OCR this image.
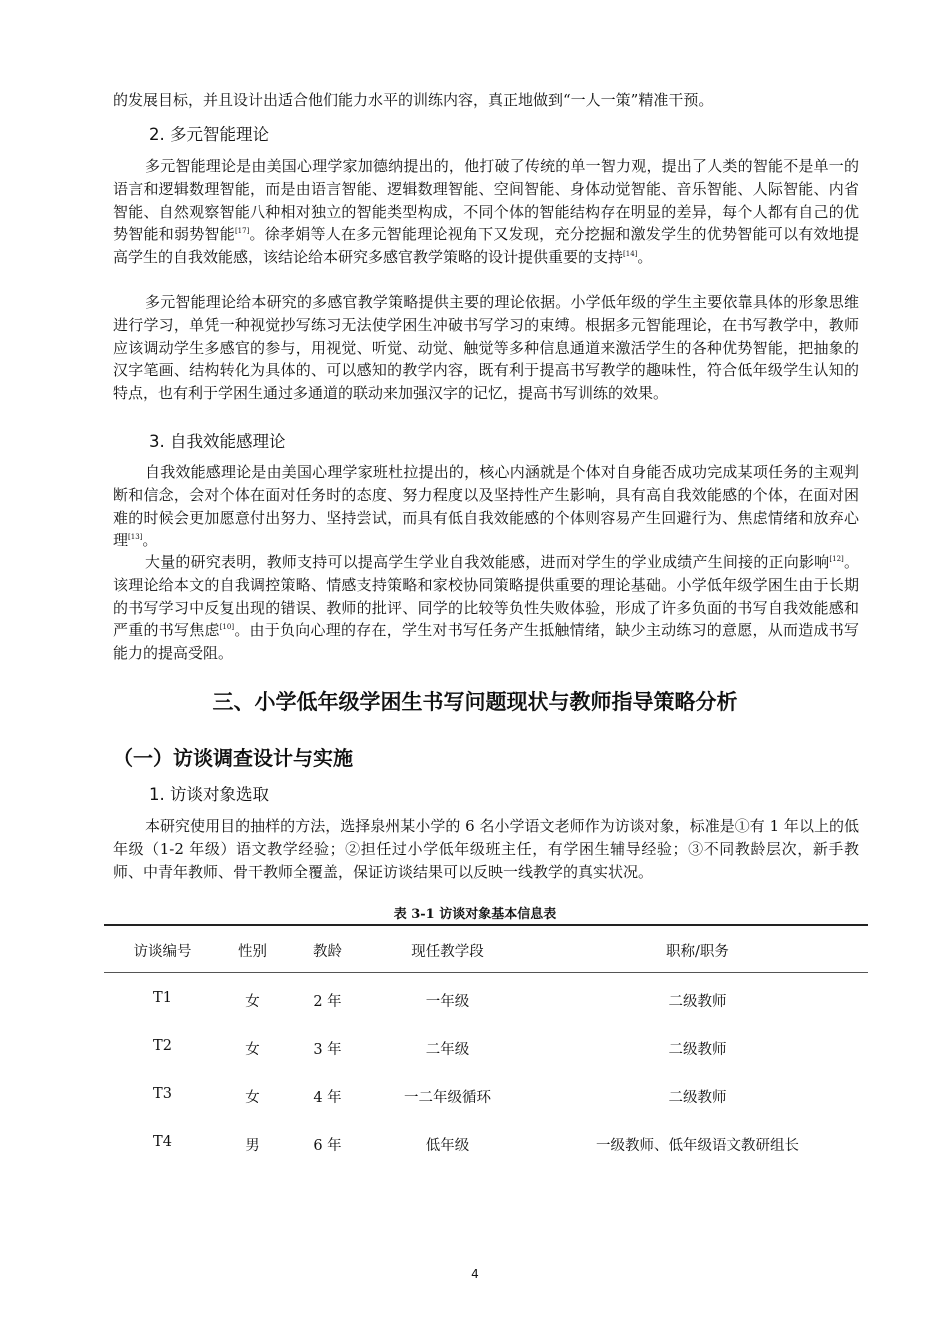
的发展目标，并且设计出适合他们能力水平的训练内容，真正地做到“一人一策”精准干预。

2. 多元智能理论

多元智能理论是由美国心理学家加德纳提出的，他打破了传统的单一智力观，提出了人类的智能不是单一的语言和逻辑数理智能，而是由语言智能、逻辑数理智能、空间智能、身体动觉智能、音乐智能、人际智能、内省智能、自然观察智能八种相对独立的智能类型构成，不同个体的智能结构存在明显的差异，每个人都有自己的优势智能和弱势智能[17]。徐孝娟等人在多元智能理论视角下又发现，充分挖掘和激发学生的优势智能可以有效地提高学生的自我效能感，该结论给本研究多感官教学策略的设计提供重要的支持[14]。

多元智能理论给本研究的多感官教学策略提供主要的理论依据。小学低年级的学生主要依靠具体的形象思维进行学习，单凭一种视觉抄写练习无法使学困生冲破书写学习的束缚。根据多元智能理论，在书写教学中，教师应该调动学生多感官的参与，用视觉、听觉、动觉、触觉等多种信息通道来激活学生的各种优势智能，把抽象的汉字笔画、结构转化为具体的、可以感知的教学内容，既有利于提高书写教学的趣味性，符合低年级学生认知的特点，也有利于学困生通过多通道的联动来加强汉字的记忆，提高书写训练的效果。

3. 自我效能感理论

自我效能感理论是由美国心理学家班杜拉提出的，核心内涵就是个体对自身能否成功完成某项任务的主观判断和信念，会对个体在面对任务时的态度、努力程度以及坚持性产生影响，具有高自我效能感的个体，在面对困难的时候会更加愿意付出努力、坚持尝试，而具有低自我效能感的个体则容易产生回避行为、焦虑情绪和放弃心理[13]。

大量的研究表明，教师支持可以提高学生学业自我效能感，进而对学生的学业成绩产生间接的正向影响[12]。该理论给本文的自我调控策略、情感支持策略和家校协同策略提供重要的理论基础。小学低年级学困生由于长期的书写学习中反复出现的错误、教师的批评、同学的比较等负性失败体验，形成了许多负面的书写自我效能感和严重的书写焦虑[10]。由于负向心理的存在，学生对书写任务产生抵触情绪，缺少主动练习的意愿，从而造成书写能力的提高受阻。

三、小学低年级学困生书写问题现状与教师指导策略分析
（一）访谈调查设计与实施

1. 访谈对象选取

本研究使用目的抽样的方法，选择泉州某小学的 6 名小学语文老师作为访谈对象，标准是①有 1 年以上的低年级（1-2 年级）语文教学经验；②担任过小学低年级班主任，有学困生辅导经验；③不同教龄层次，新手教师、中青年教师、骨干教师全覆盖，保证访谈结果可以反映一线教学的真实状况。

表 3-1 访谈对象基本信息表
访谈编号	性别	教龄	现任教学段	职称/职务
T1	女	2 年	一年级	二级教师
T2	女	3 年	二年级	二级教师
T3	女	4 年	一二年级循环	二级教师
T4	男	6 年	低年级	一级教师、低年级语文教研组长
4
